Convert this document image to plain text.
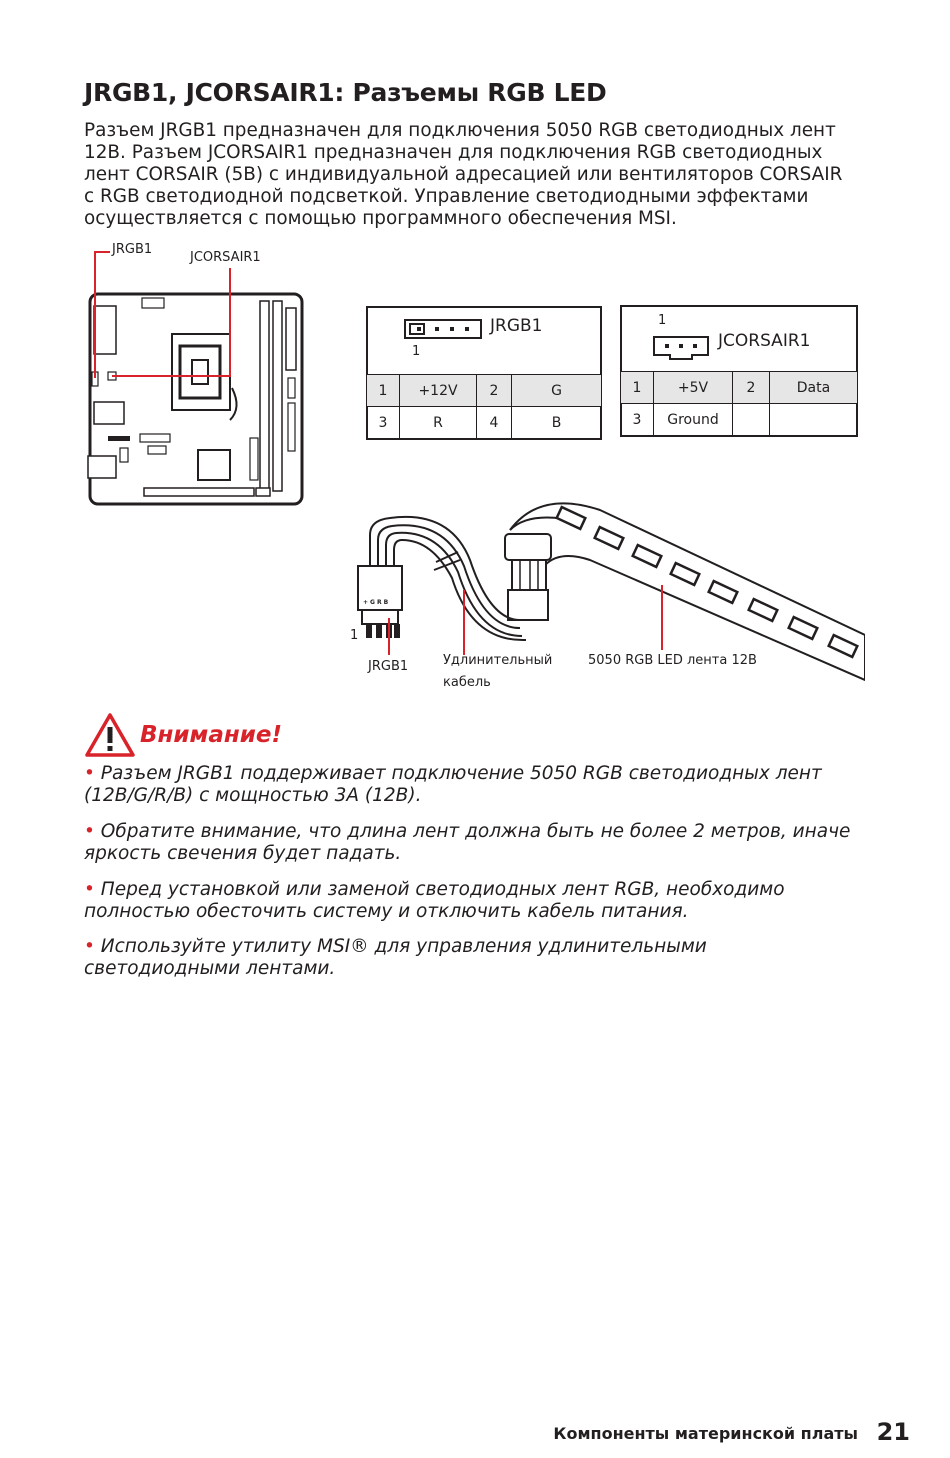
JRGB1, JCORSAIR1: Разъемы RGB LED
Разъем JRGB1 предназначен для подключения 5050 RGB светодиодных лент
12В. Разъем JCORSAIR1 предназначен для подключения RGB светодиодных
лент CORSAIR (5В) с индивидуальной адресацией или вентиляторов CORSAIR
с RGB светодиодной подсветкой. Управление светодиодными эффектами
осуществляется с помощью программного обеспечения MSI.
JRGB1
JCORSAIR1
JRGB1
1
1	+12V	2	G
3	R	4	B
1
JCORSAIR1
1	+5V	2	Data
3	Ground		
+GRB
1
JRGB1	Удлинительный
кабель
5050 RGB LED лента 12В
Внимание!
• Разъем JRGB1 поддерживает подключение 5050 RGB светодиодных лент
(12В/G/R/B) с мощностью 3А (12В).
• Обратите внимание, что длина лент должна быть не более 2 метров, иначе
яркость свечения будет падать.
• Перед установкой или заменой светодиодных лент RGB, необходимо
полностью обесточить систему и отключить кабель питания.
• Используйте утилиту MSI® для управления удлинительными
светодиодными лентами.
Компоненты материнской платы 21
